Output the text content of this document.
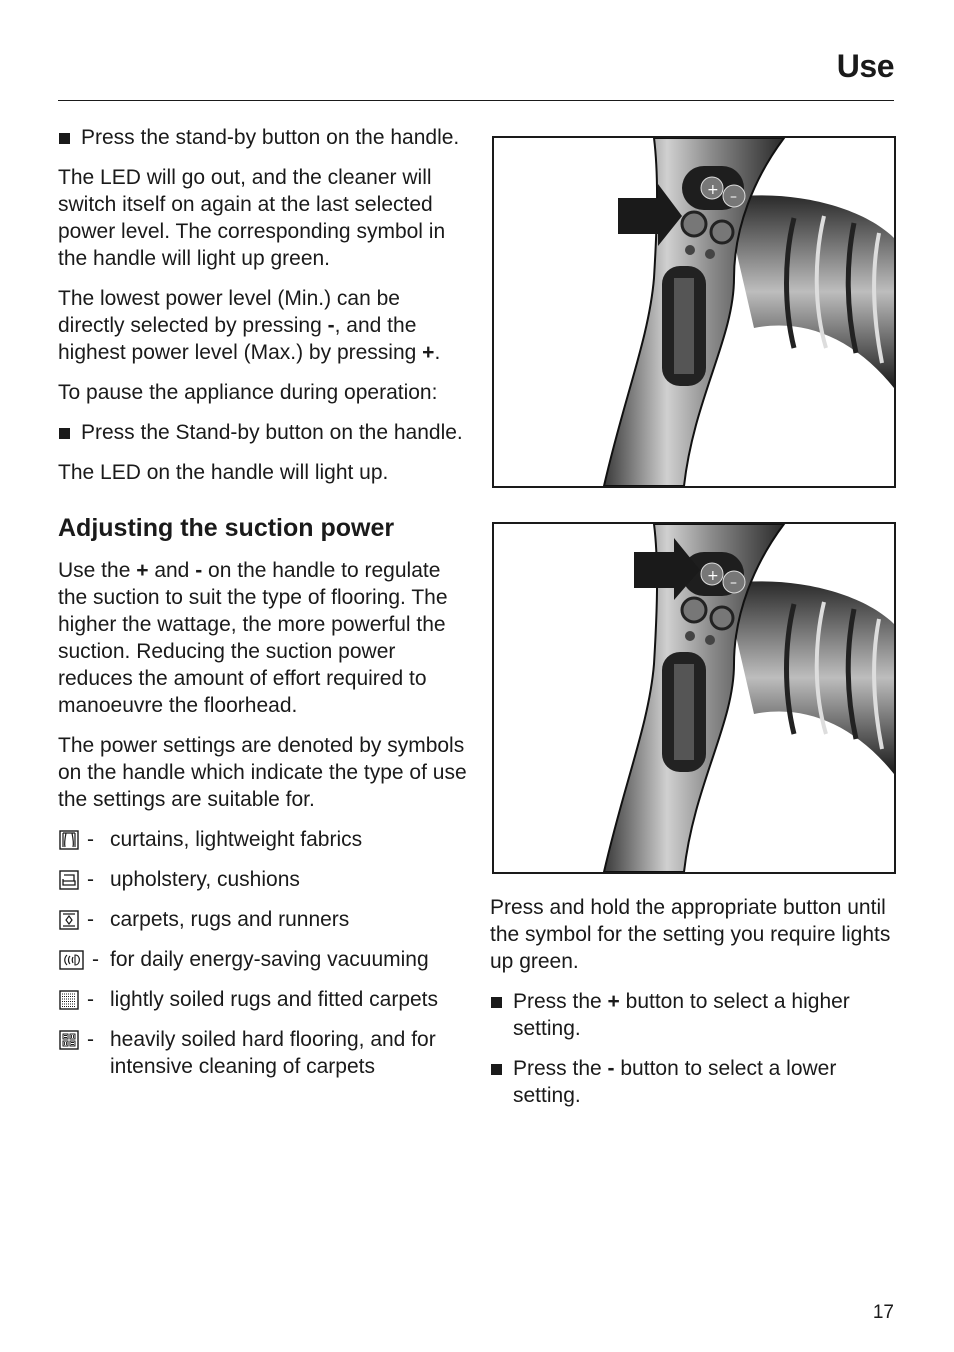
Use
Press the stand-by button on the handle.

The LED will go out, and the cleaner will switch itself on again at the last selected power level. The corresponding symbol in the handle will light up green.

The lowest power level (Min.) can be directly selected by pressing -, and the highest power level (Max.) by pressing +.

To pause the appliance during operation:

Press the Stand-by button on the handle.

The LED on the handle will light up.

Adjusting the suction power

Use the + and - on the handle to regulate the suction to suit the type of flooring. The higher the wattage, the more powerful the suction. Reducing the suction power reduces the amount of effort required to manoeuvre the floorhead.

The power settings are denoted by symbols on the handle which indicate the type of use the settings are suitable for.

- curtains, lightweight fabrics
- upholstery, cushions
- carpets, rugs and runners
- for daily energy-saving vacuuming
- lightly soiled rugs and fitted carpets
- heavily soiled hard flooring, and for intensive cleaning of carpets
+ –
+ –

Press and hold the appropriate button until the symbol for the setting you require lights up green.

Press the + button to select a higher setting.
Press the - button to select a lower setting.
17
